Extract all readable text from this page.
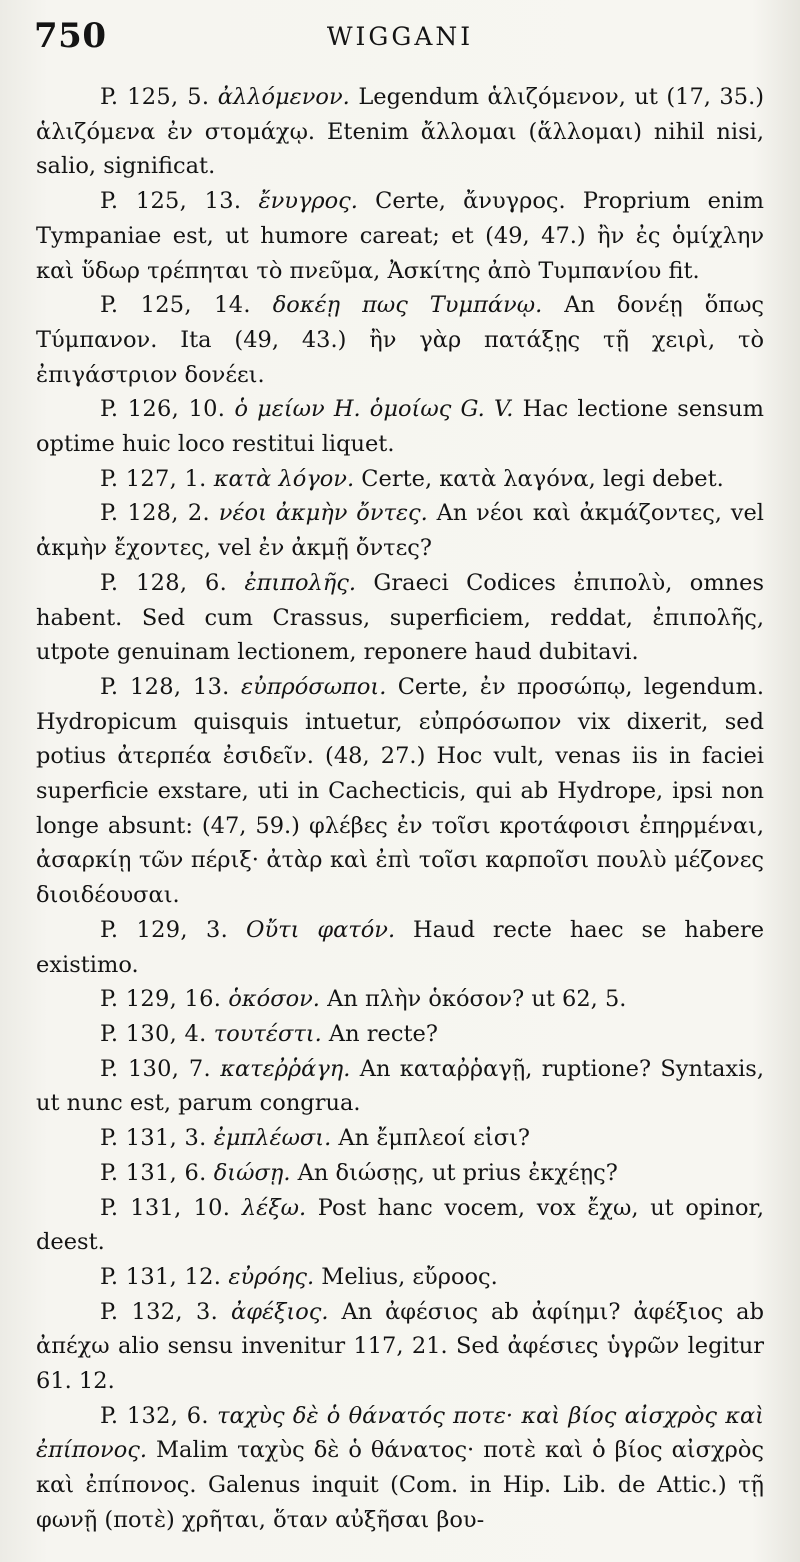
750	WIGGANI

P. 125, 5. ἀλλόμενον. Legendum ἁλιζόμενον, ut (17, 35.) ἁλιζόμενα ἐν στομάχῳ. Etenim ἄλλομαι (ἅλλομαι) nihil nisi, salio, significat.

P. 125, 13. ἔνυγρος. Certe, ἄνυγρος. Proprium enim Tympaniae est, ut humore careat; et (49, 47.) ἢν ἐς ὁμίχλην καὶ ὕδωρ τρέπηται τὸ πνεῦμα, Ἀσκίτης ἀπὸ Τυμπανίου fit.

P. 125, 14. δοκέῃ πως Τυμπάνῳ. An δονέῃ ὅπως Τύμπανον. Ita (49, 43.) ἢν γὰρ πατάξῃς τῇ χειρὶ, τὸ ἐπιγάστριον δονέει.

P. 126, 10. ὁ μείων H. ὁμοίως G. V. Hac lectione sensum optime huic loco restitui liquet.

P. 127, 1. κατὰ λόγον. Certe, κατὰ λαγόνα, legi debet.

P. 128, 2. νέοι ἀκμὴν ὄντες. An νέοι καὶ ἀκμάζοντες, vel ἀκμὴν ἔχοντες, vel ἐν ἀκμῇ ὄντες?

P. 128, 6. ἐπιπολῆς. Graeci Codices ἐπιπολὺ, omnes habent. Sed cum Crassus, superficiem, reddat, ἐπιπολῆς, utpote genuinam lectionem, reponere haud dubitavi.

P. 128, 13. εὐπρόσωποι. Certe, ἐν προσώπῳ, legendum. Hydropicum quisquis intuetur, εὐπρόσωπον vix dixerit, sed potius ἀτερπέα ἐσιδεῖν. (48, 27.) Hoc vult, venas iis in faciei superficie exstare, uti in Cachecticis, qui ab Hydrope, ipsi non longe absunt: (47, 59.) φλέβες ἐν τοῖσι κροτάφοισι ἐπηρμέναι, ἀσαρκίῃ τῶν πέριξ· ἀτὰρ καὶ ἐπὶ τοῖσι καρποῖσι πουλὺ μέζονες διοιδέουσαι.

P. 129, 3. Οὔτι φατόν. Haud recte haec se habere existimo.

P. 129, 16. ὁκόσον. An πλὴν ὁκόσον? ut 62, 5.

P. 130, 4. τουτέστι. An recte?

P. 130, 7. κατεῤῥάγη. An καταῤῥαγῇ, ruptione? Syntaxis, ut nunc est, parum congrua.

P. 131, 3. ἐμπλέωσι. An ἔμπλεοί εἰσι?

P. 131, 6. διώσῃ. An διώσῃς, ut prius ἐκχέῃς?

P. 131, 10. λέξω. Post hanc vocem, vox ἔχω, ut opinor, deest.

P. 131, 12. εὐρόης. Melius, εὔροος.

P. 132, 3. ἀφέξιος. An ἀφέσιος ab ἀφίημι? ἀφέξιος ab ἀπέχω alio sensu invenitur 117, 21. Sed ἀφέσιες ὑγρῶν legitur 61. 12.

P. 132, 6. ταχὺς δὲ ὁ θάνατός ποτε· καὶ βίος αἰσχρὸς καὶ ἐπίπονος. Malim ταχὺς δὲ ὁ θάνατος· ποτὲ καὶ ὁ βίος αἰσχρὸς καὶ ἐπίπονος. Galenus inquit (Com. in Hip. Lib. de Attic.) τῇ φωνῇ (ποτὲ) χρῆται, ὅταν αὐξῆσαι βου-
